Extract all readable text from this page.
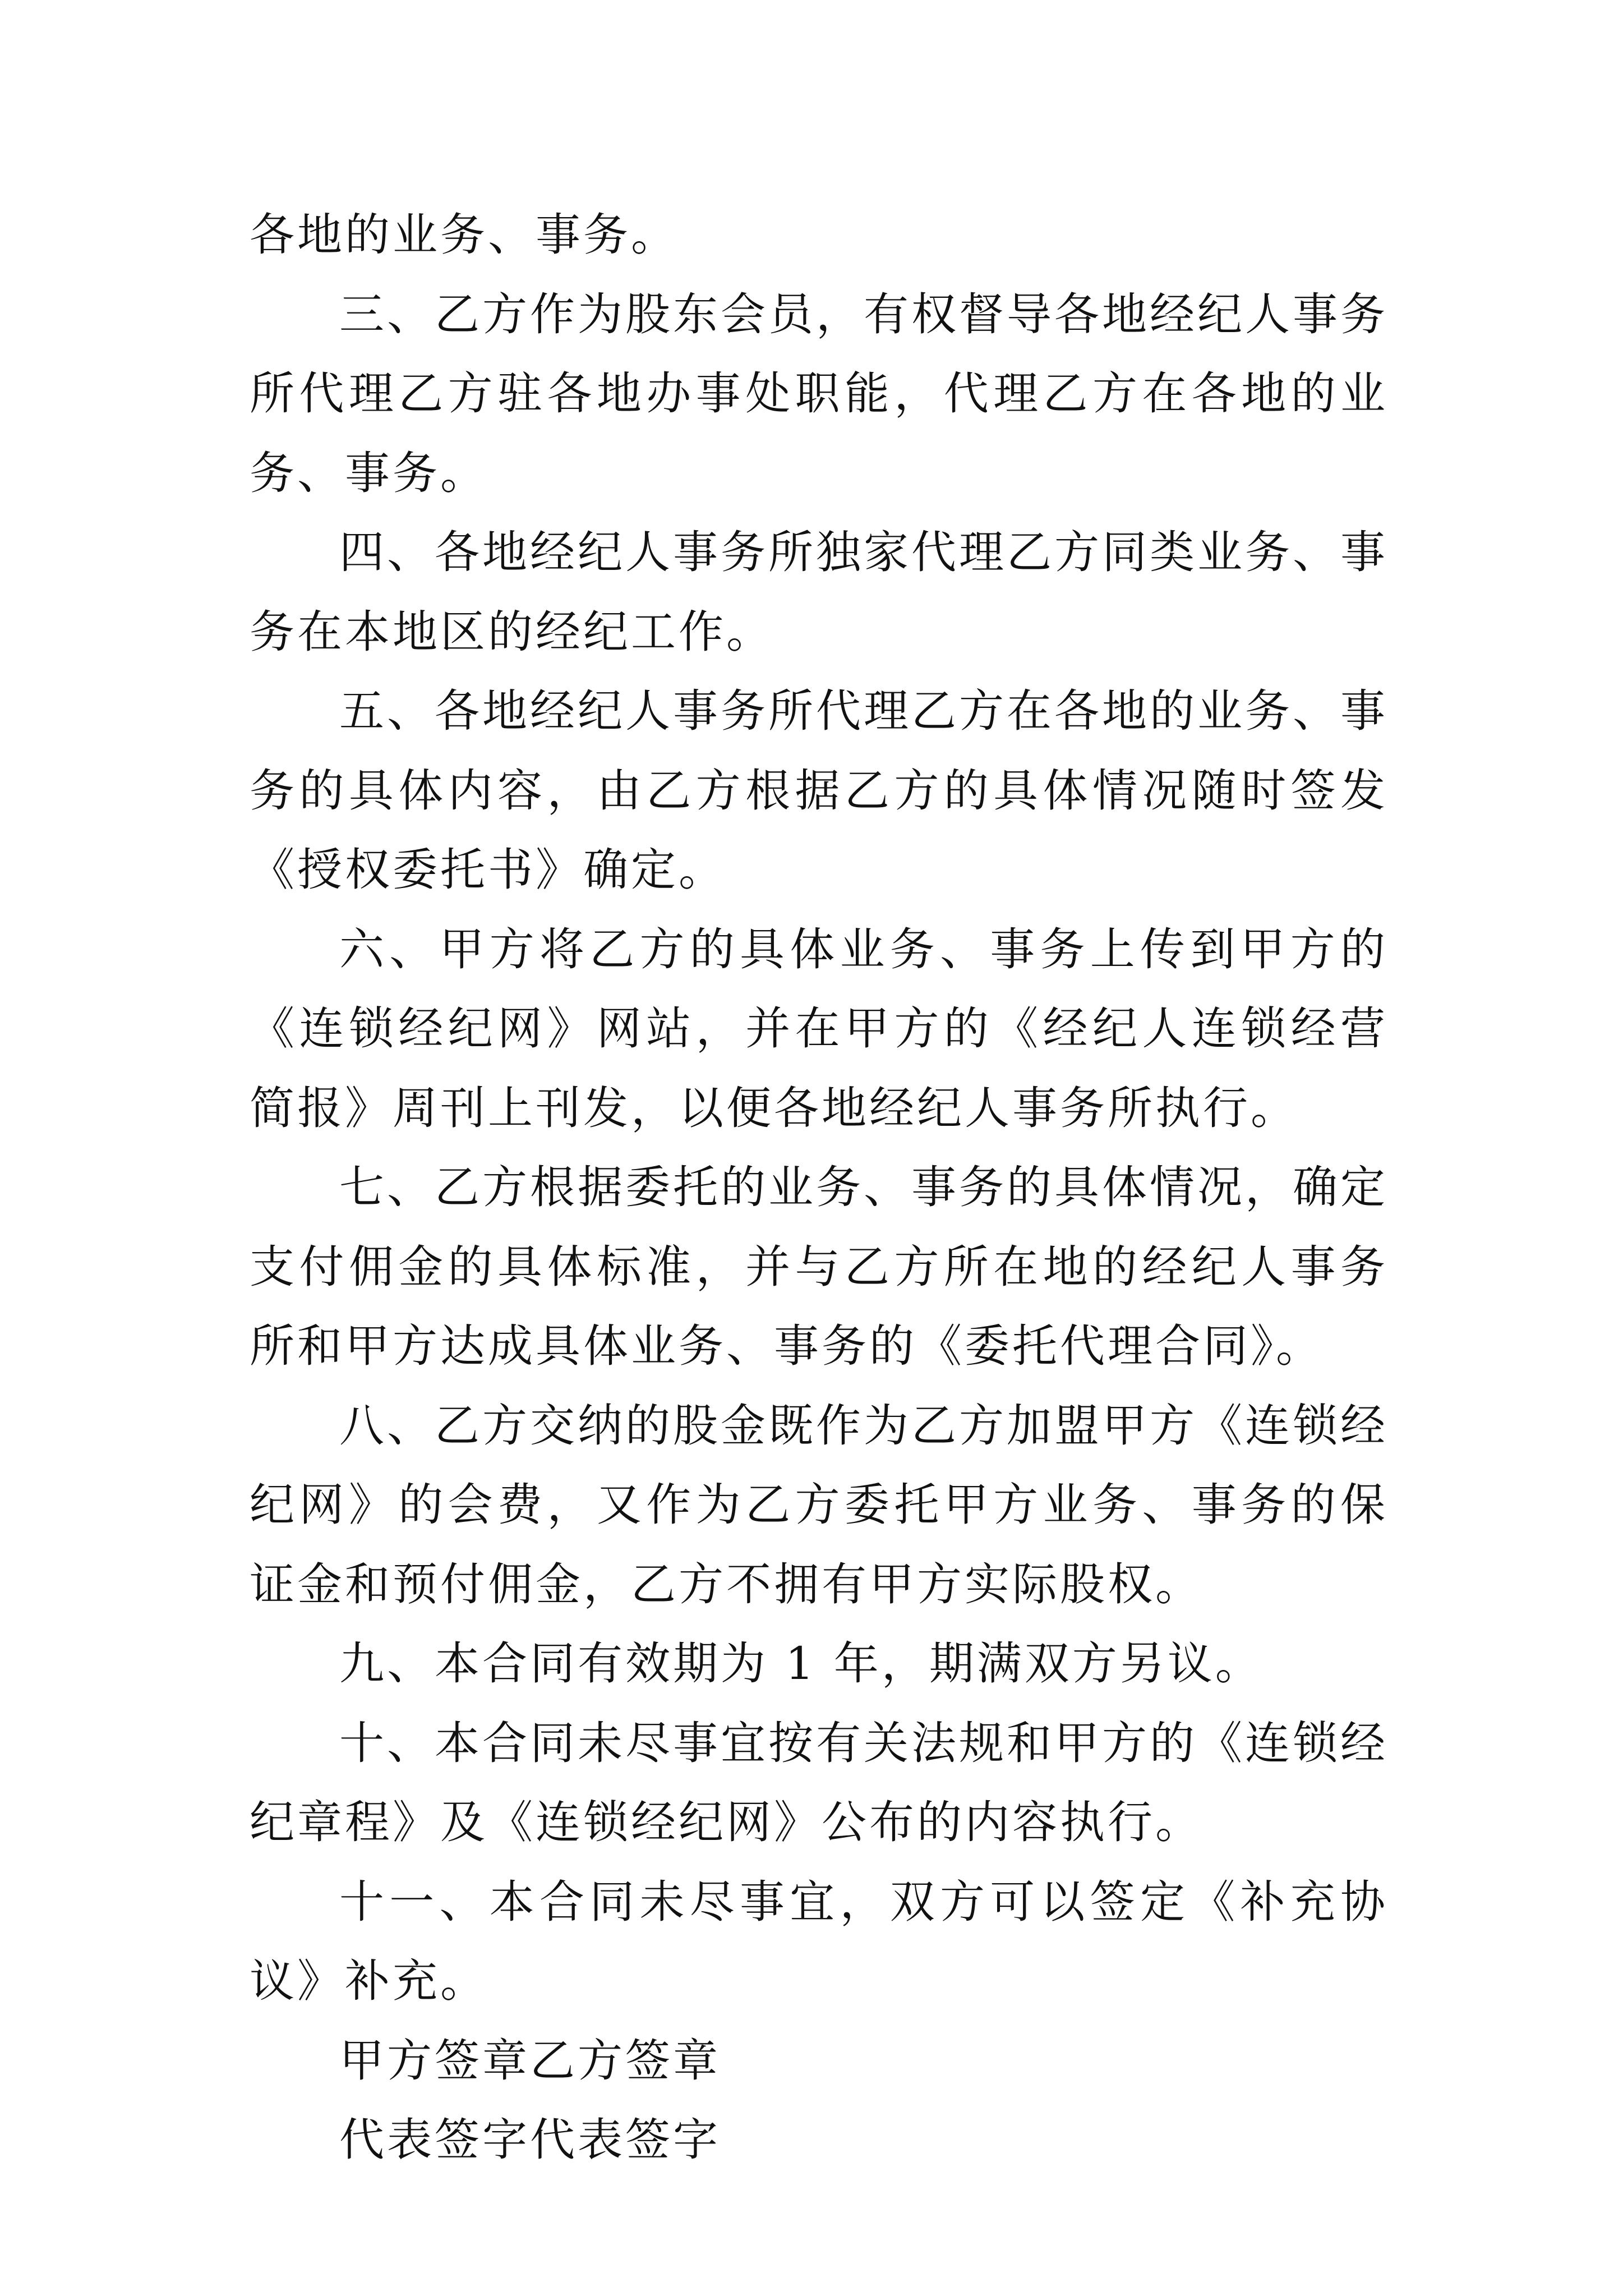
各地的业务、事务。

三、乙方作为股东会员，有权督导各地经纪人事务所代理乙方驻各地办事处职能，代理乙方在各地的业务、事务。

四、各地经纪人事务所独家代理乙方同类业务、事务在本地区的经纪工作。

五、各地经纪人事务所代理乙方在各地的业务、事务的具体内容，由乙方根据乙方的具体情况随时签发《授权委托书》确定。

六、甲方将乙方的具体业务、事务上传到甲方的《连锁经纪网》网站，并在甲方的《经纪人连锁经营简报》周刊上刊发，以便各地经纪人事务所执行。

七、乙方根据委托的业务、事务的具体情况，确定支付佣金的具体标准，并与乙方所在地的经纪人事务所和甲方达成具体业务、事务的《委托代理合同》。

八、乙方交纳的股金既作为乙方加盟甲方《连锁经纪网》的会费，又作为乙方委托甲方业务、事务的保证金和预付佣金，乙方不拥有甲方实际股权。

九、本合同有效期为 1 年，期满双方另议。

十、本合同未尽事宜按有关法规和甲方的《连锁经纪章程》及《连锁经纪网》公布的内容执行。

十一、本合同未尽事宜，双方可以签定《补充协议》补充。

甲方签章乙方签章

代表签字代表签字
